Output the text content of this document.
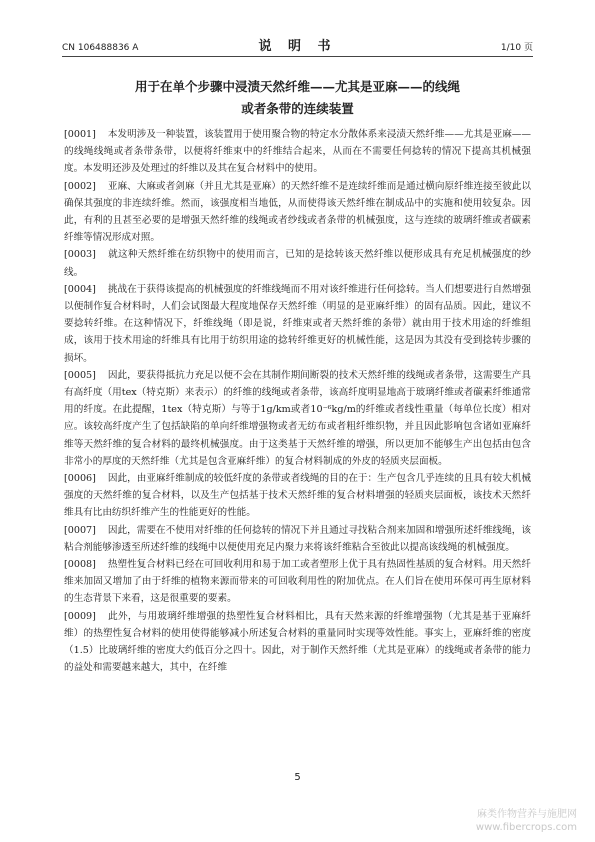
CN 106488836 A	说 明 书	1/10 页
用于在单个步骤中浸渍天然纤维——尤其是亚麻——的线绳
或者条带的连续装置

[0001] 本发明涉及一种装置，该装置用于使用聚合物的特定水分散体系来浸渍天然纤维——尤其是亚麻——的线绳线绳或者条带条带，以便将纤维束中的纤维结合起来，从而在不需要任何捻转的情况下提高其机械强度。本发明还涉及处理过的纤维以及其在复合材料中的使用。

[0002] 亚麻、大麻或者剑麻（并且尤其是亚麻）的天然纤维不是连续纤维而是通过横向原纤维连接至彼此以确保其强度的非连续纤维。然而，该强度相当地低，从而使得该天然纤维在制成品中的实施和使用较复杂。因此，有利的且甚至必要的是增强天然纤维的线绳或者纱线或者条带的机械强度，这与连续的玻璃纤维或者碳素纤维等情况形成对照。

[0003] 就这种天然纤维在纺织物中的使用而言，已知的是捻转该天然纤维以便形成具有充足机械强度的纱线。

[0004] 挑战在于获得该提高的机械强度的纤维线绳而不用对该纤维进行任何捻转。当人们想要进行自然增强以便制作复合材料时，人们会试图最大程度地保存天然纤维（明显的是亚麻纤维）的固有品质。因此，建议不要捻转纤维。在这种情况下，纤维线绳（即是说，纤维束或者天然纤维的条带）就由用于技术用途的纤维组成，该用于技术用途的纤维具有比用于纺织用途的捻转纤维更好的机械性能，这是因为其没有受到捻转步骤的损坏。

[0005] 因此，要获得抵抗力充足以便不会在其制作期间断裂的技术天然纤维的线绳或者条带，这需要生产具有高纤度（用tex（特克斯）来表示）的纤维的线绳或者条带，该高纤度明显地高于玻璃纤维或者碳素纤维通常用的纤度。在此提醒，1tex（特克斯）与等于1g/km或者10⁻⁶kg/m的纤维或者线性重量（每单位长度）相对应。该较高纤度产生了包括缺陷的单向纤维增强物或者无纺布或者粗纤维织物，并且因此影响包含诸如亚麻纤维等天然纤维的复合材料的最终机械强度。由于这类基于天然纤维的增强，所以更加不能够生产出包括由包含非常小的厚度的天然纤维（尤其是包含亚麻纤维）的复合材料制成的外皮的轻质夹层面板。

[0006] 因此，由亚麻纤维制成的较低纤度的条带或者线绳的目的在于：生产包含几乎连续的且具有较大机械强度的天然纤维的复合材料，以及生产包括基于技术天然纤维的复合材料增强的轻质夹层面板，该技术天然纤维具有比由纺织纤维产生的性能更好的性能。

[0007] 因此，需要在不使用对纤维的任何捻转的情况下并且通过寻找粘合剂来加固和增强所述纤维线绳，该粘合剂能够渗透至所述纤维的线绳中以便使用充足内聚力来将该纤维粘合至彼此以提高该线绳的机械强度。

[0008] 热塑性复合材料已经在可回收利用和易于加工或者塑形上优于具有热固性基质的复合材料。用天然纤维来加固又增加了由于纤维的植物来源而带来的可回收利用性的附加优点。在人们旨在使用环保可再生原材料的生态背景下来看，这是很重要的要素。

[0009] 此外，与用玻璃纤维增强的热塑性复合材料相比，具有天然来源的纤维增强物（尤其是基于亚麻纤维）的热塑性复合材料的使用使得能够减小所述复合材料的重量同时实现等效性能。事实上，亚麻纤维的密度（1.5）比玻璃纤维的密度大约低百分之四十。因此，对于制作天然纤维（尤其是亚麻）的线绳或者条带的能力的益处和需要越来越大，其中，在纤维

5
麻类作物营养与施肥网
www.fibercrops.com
